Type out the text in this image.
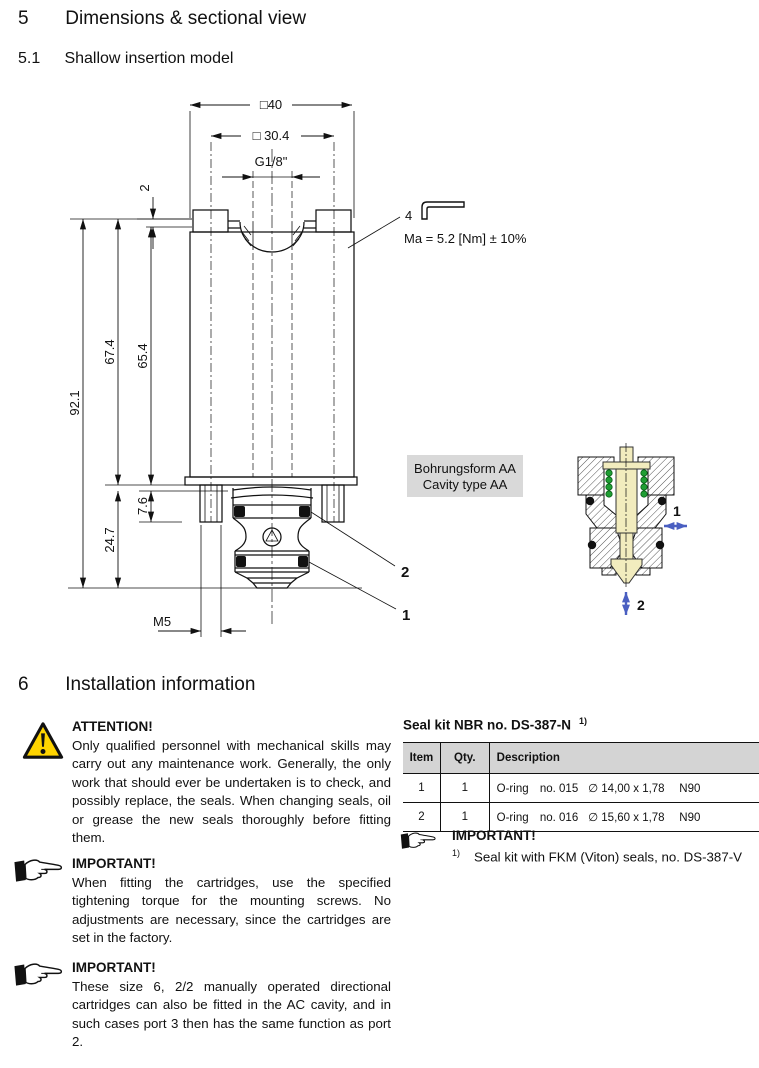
5 Dimensions & sectional view
5.1 Shallow insertion model
□40
□ 30.4
G1/8"
2
4
Ma = 5.2 [Nm] ± 10%
92.1
67.4 65.4
7.6
24.7
M5
2
1
Bohrungsform AA
Cavity type AA
1
2
6 Installation information
ATTENTION!
Only qualified personnel with mechanical skills may carry out any maintenance work. Generally, the only work that should ever be undertaken is to check, and possibly replace, the seals. When changing seals, oil or grease the new seals thoroughly before fitting them.
IMPORTANT!
When fitting the cartridges, use the specified tightening torque for the mounting screws. No adjustments are necessary, since the cartridges are set in the factory.
IMPORTANT!
These size 6, 2/2 manually operated directional cartridges can also be fitted in the AC cavity, and in such cases port 3 then has the same function as port 2.
Seal kit NBR no. DS-387-N $^{1)}$
Item	Qty.	Description
1	1	O-ring no. 015 ∅ 14,00 x 1,78 N90
2	1	O-ring no. 016 ∅ 15,60 x 1,78 N90
IMPORTANT!
$^{1)}$ Seal kit with FKM (Viton) seals, no. DS-387-V
